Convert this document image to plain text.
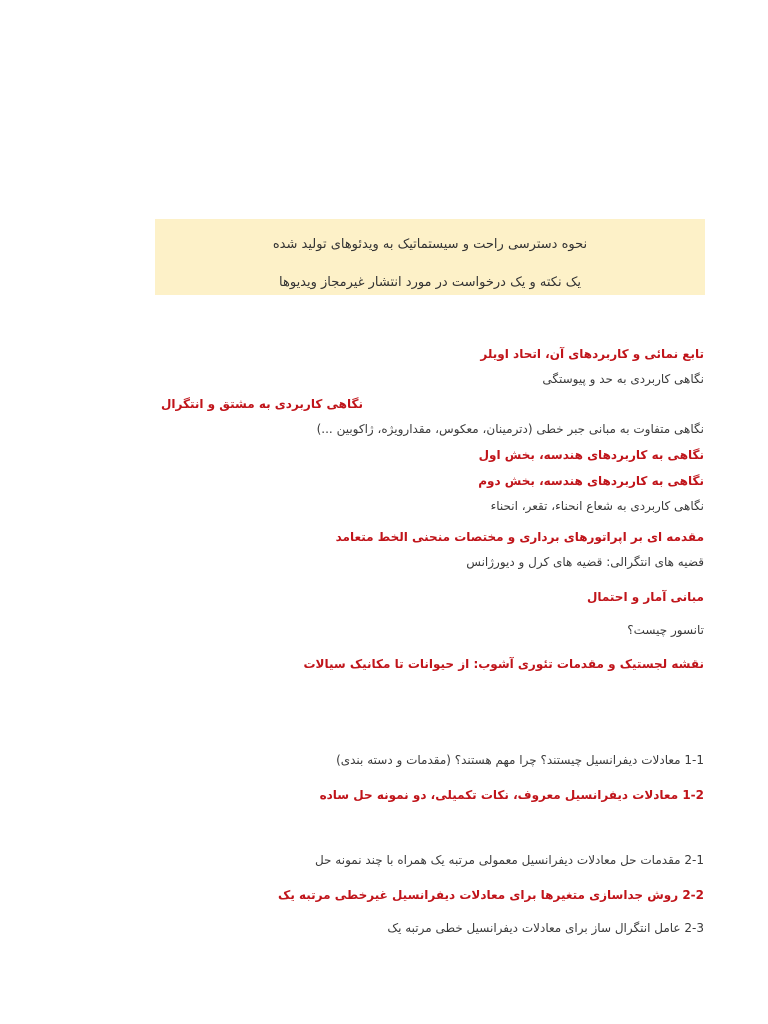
نحوه دسترسی راحت و سیستماتیک به ویدئوهای تولید شده
یک نکته و یک درخواست در مورد انتشار غیرمجاز ویدیوها
تابع نمائی و کاربردهای آن، اتحاد اویلر
نگاهی کاربردی به حد و پیوستگی
نگاهی کاربردی به مشتق و انتگرال
نگاهی متفاوت به مبانی جبر خطی (دترمینان، معکوس، مقدارویژه، ژاکوبین ...)
نگاهی به کاربردهای هندسه، بخش اول
نگاهی به کاربردهای هندسه، بخش دوم
نگاهی کاربردی به شعاع انحناء، تقعر، انحناء
مقدمه ای بر اپراتورهای برداری و مختصات منحنی الخط متعامد
قضیه های انتگرالی: قضیه های کرل و دیورژانس
مبانی آمار و احتمال
تانسور چیست؟
نقشه لجستیک و مقدمات تئوری آشوب: از حیوانات تا مکانیک سیالات
1-1 معادلات دیفرانسیل چیستند؟ چرا مهم هستند؟ (مقدمات و دسته بندی)
1-2 معادلات دیفرانسیل معروف، نکات تکمیلی، دو نمونه حل ساده
2-1 مقدمات حل معادلات دیفرانسیل معمولی مرتبه یک همراه با چند نمونه حل
2-2 روش جداسازی متغیرها برای معادلات دیفرانسیل غیرخطی مرتبه یک
2-3 عامل انتگرال ساز برای معادلات دیفرانسیل خطی مرتبه یک
